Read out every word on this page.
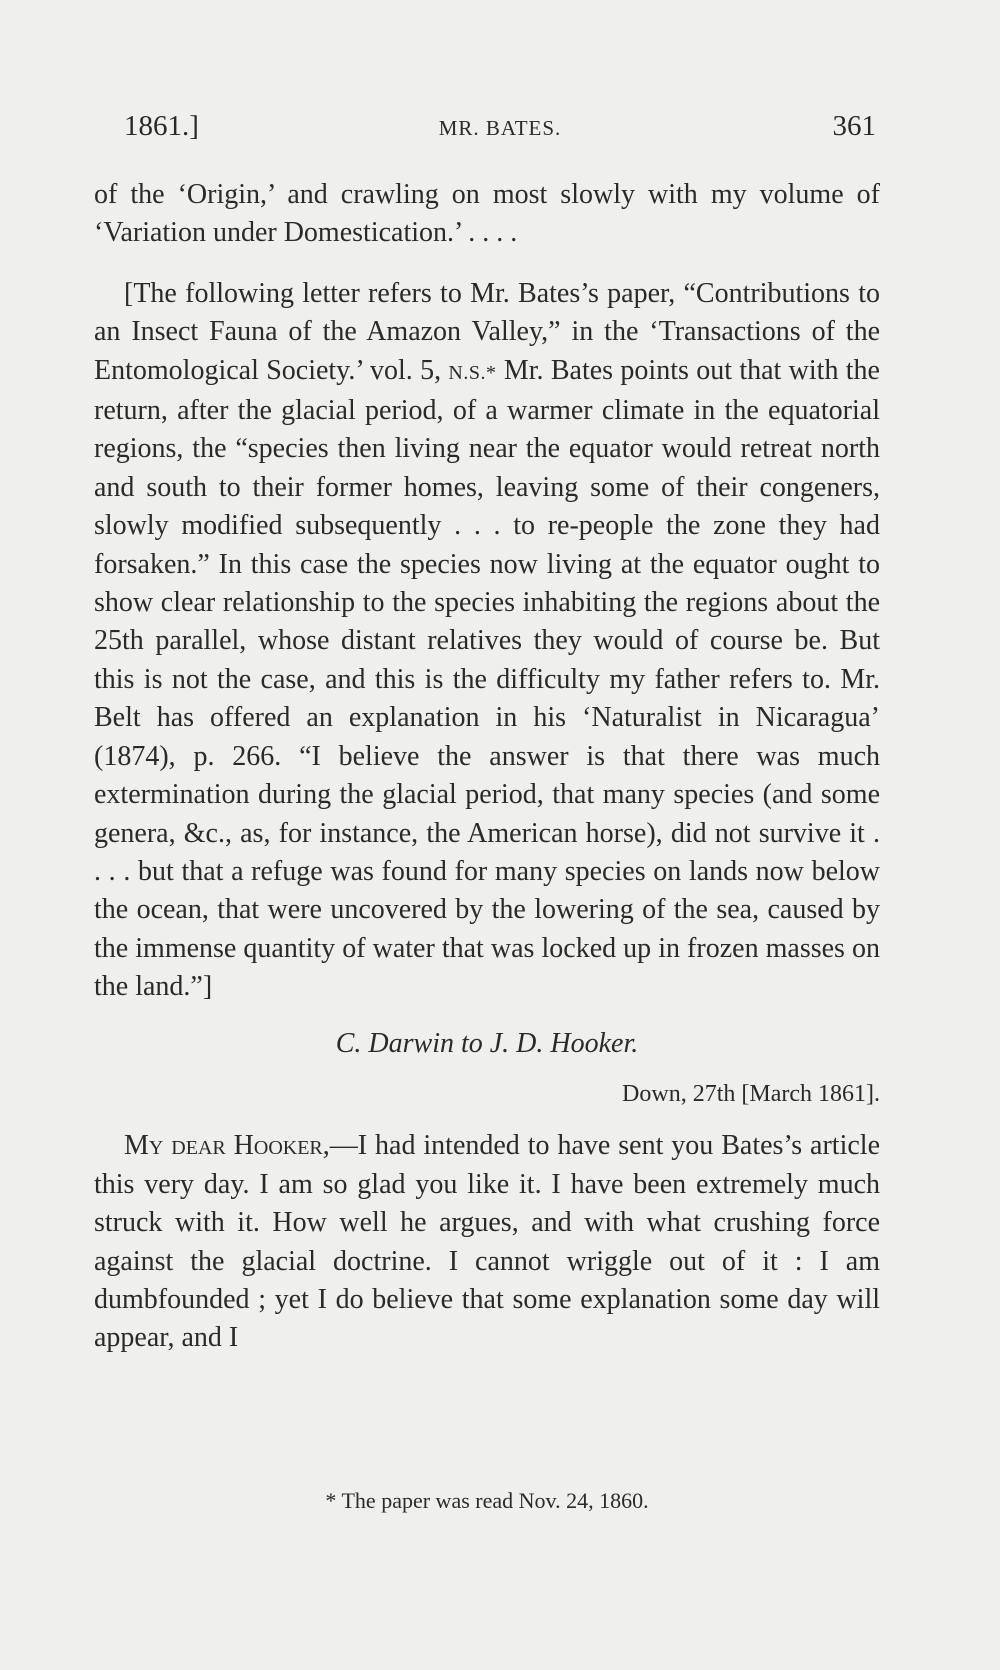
1861.]	MR. BATES.	361

of the ‘Origin,’ and crawling on most slowly with my volume of ‘Variation under Domestication.’ . . . .

[The following letter refers to Mr. Bates’s paper, “Contributions to an Insect Fauna of the Amazon Valley,” in the ‘Transactions of the Entomological Society.’ vol. 5, N.S.* Mr. Bates points out that with the return, after the glacial period, of a warmer climate in the equatorial regions, the “species then living near the equator would retreat north and south to their former homes, leaving some of their congeners, slowly modified subsequently . . . to re-people the zone they had forsaken.” In this case the species now living at the equator ought to show clear relationship to the species inhabiting the regions about the 25th parallel, whose distant relatives they would of course be. But this is not the case, and this is the difficulty my father refers to. Mr. Belt has offered an explanation in his ‘Naturalist in Nicaragua’ (1874), p. 266. “I believe the answer is that there was much extermination during the glacial period, that many species (and some genera, &c., as, for instance, the American horse), did not survive it . . . . but that a refuge was found for many species on lands now below the ocean, that were uncovered by the lowering of the sea, caused by the immense quantity of water that was locked up in frozen masses on the land.”]

C. Darwin to J. D. Hooker.

Down, 27th [March 1861].

My dear Hooker,—I had intended to have sent you Bates’s article this very day. I am so glad you like it. I have been extremely much struck with it. How well he argues, and with what crushing force against the glacial doctrine. I cannot wriggle out of it : I am dumbfounded ; yet I do believe that some explanation some day will appear, and I

* The paper was read Nov. 24, 1860.
